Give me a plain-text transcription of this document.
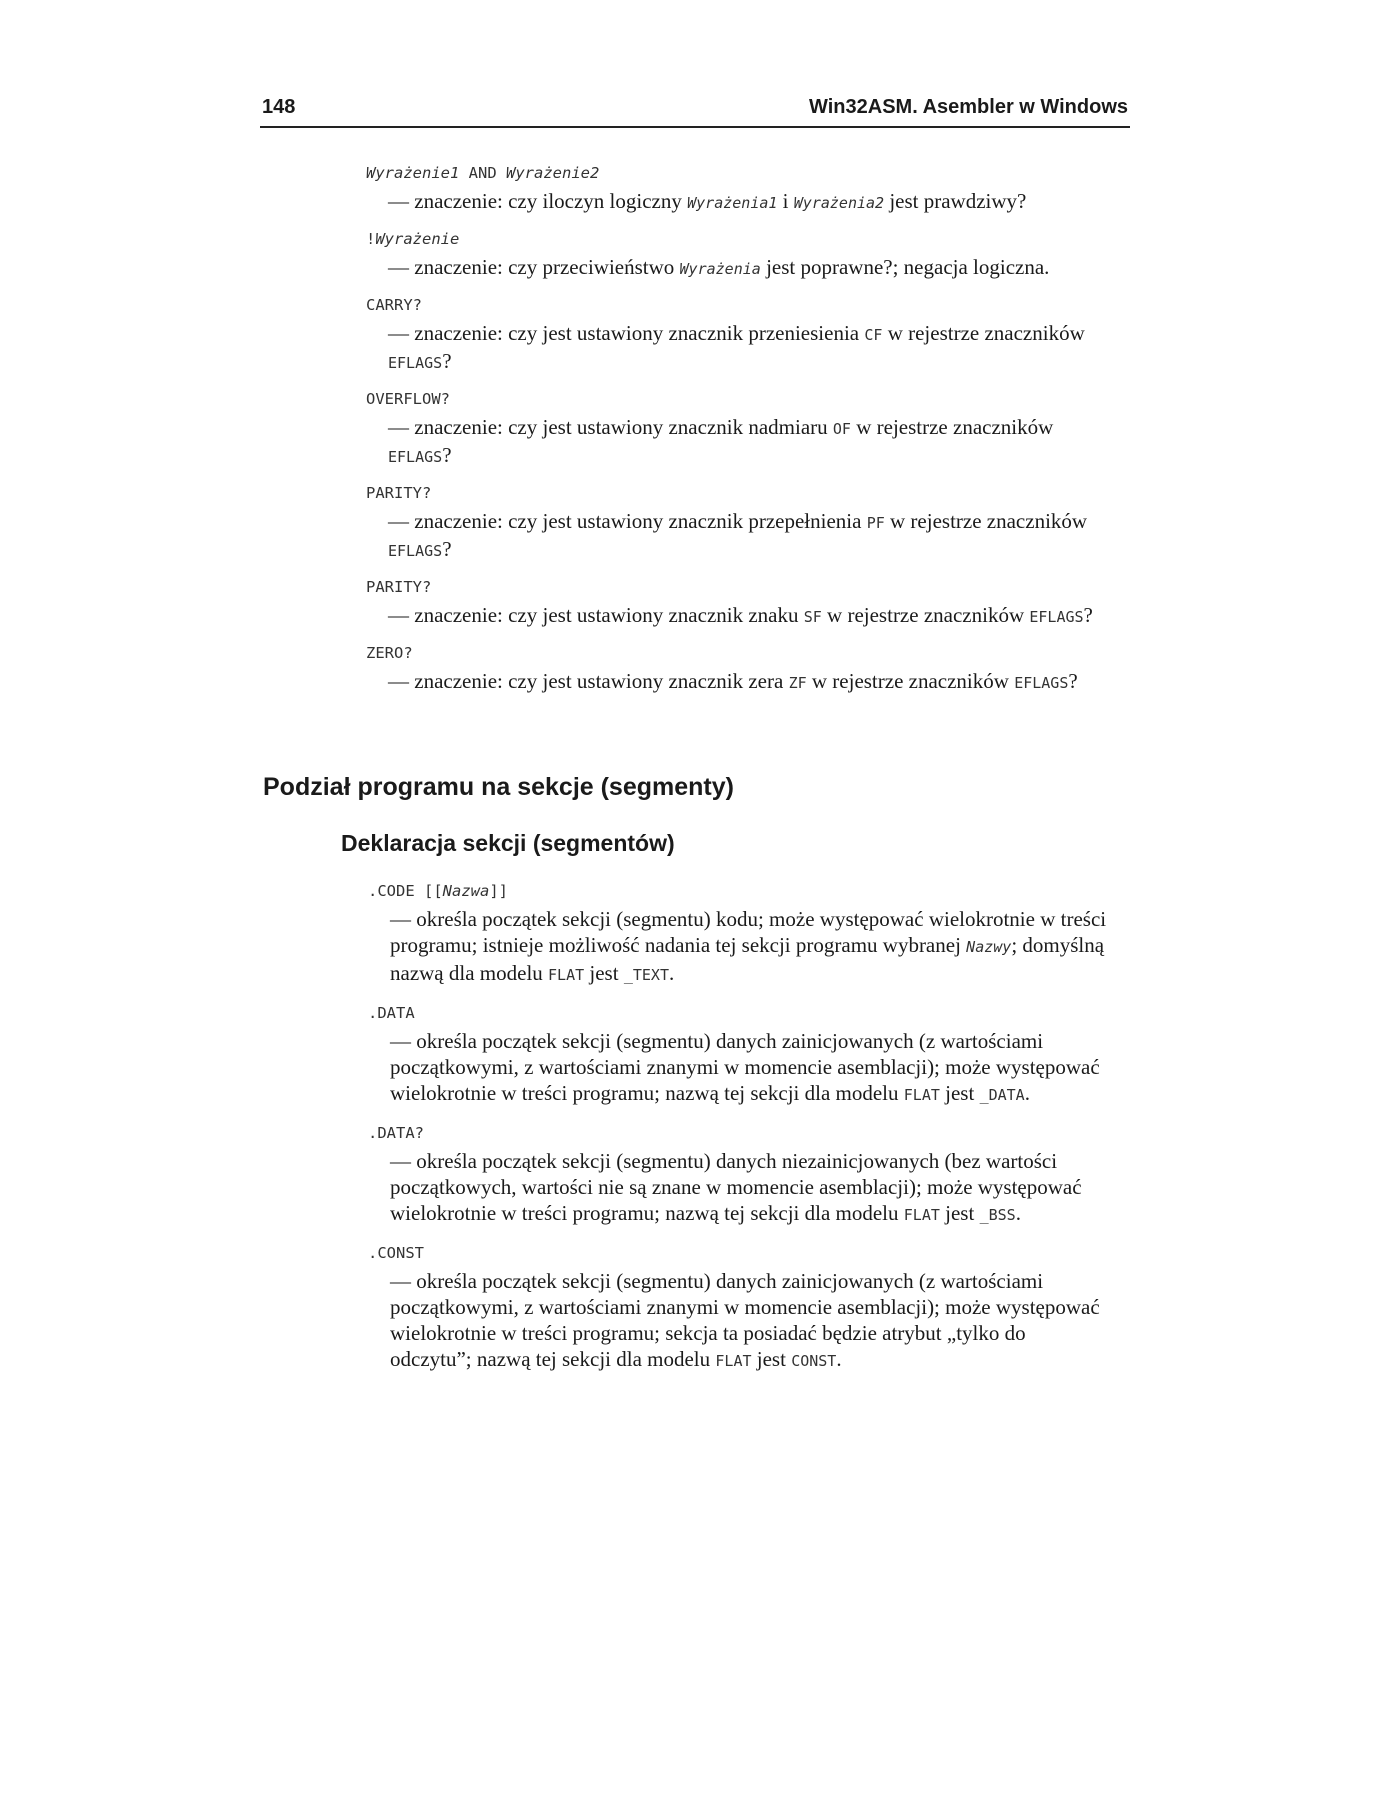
148	Win32ASM. Asembler w Windows

Wyrażenie1 AND Wyrażenie2

— znaczenie: czy iloczyn logiczny Wyrażenia1 i Wyrażenia2 jest prawdziwy?

!Wyrażenie

— znaczenie: czy przeciwieństwo Wyrażenia jest poprawne?; negacja logiczna.

CARRY?

— znaczenie: czy jest ustawiony znacznik przeniesienia CF w rejestrze znaczników EFLAGS?

OVERFLOW?

— znaczenie: czy jest ustawiony znacznik nadmiaru OF w rejestrze znaczników EFLAGS?

PARITY?

— znaczenie: czy jest ustawiony znacznik przepełnienia PF w rejestrze znaczników EFLAGS?

PARITY?

— znaczenie: czy jest ustawiony znacznik znaku SF w rejestrze znaczników EFLAGS?

ZERO?

— znaczenie: czy jest ustawiony znacznik zera ZF w rejestrze znaczników EFLAGS?

Podział programu na sekcje (segmenty)
Deklaracja sekcji (segmentów)

.CODE [[Nazwa]]

— określa początek sekcji (segmentu) kodu; może występować wielokrotnie w treści programu; istnieje możliwość nadania tej sekcji programu wybranej Nazwy; domyślną nazwą dla modelu FLAT jest _TEXT.

.DATA

— określa początek sekcji (segmentu) danych zainicjowanych (z wartościami początkowymi, z wartościami znanymi w momencie asemblacji); może występować wielokrotnie w treści programu; nazwą tej sekcji dla modelu FLAT jest _DATA.

.DATA?

— określa początek sekcji (segmentu) danych niezainicjowanych (bez wartości początkowych, wartości nie są znane w momencie asemblacji); może występować wielokrotnie w treści programu; nazwą tej sekcji dla modelu FLAT jest _BSS.

.CONST

— określa początek sekcji (segmentu) danych zainicjowanych (z wartościami początkowymi, z wartościami znanymi w momencie asemblacji); może występować wielokrotnie w treści programu; sekcja ta posiadać będzie atrybut „tylko do odczytu”; nazwą tej sekcji dla modelu FLAT jest CONST.
